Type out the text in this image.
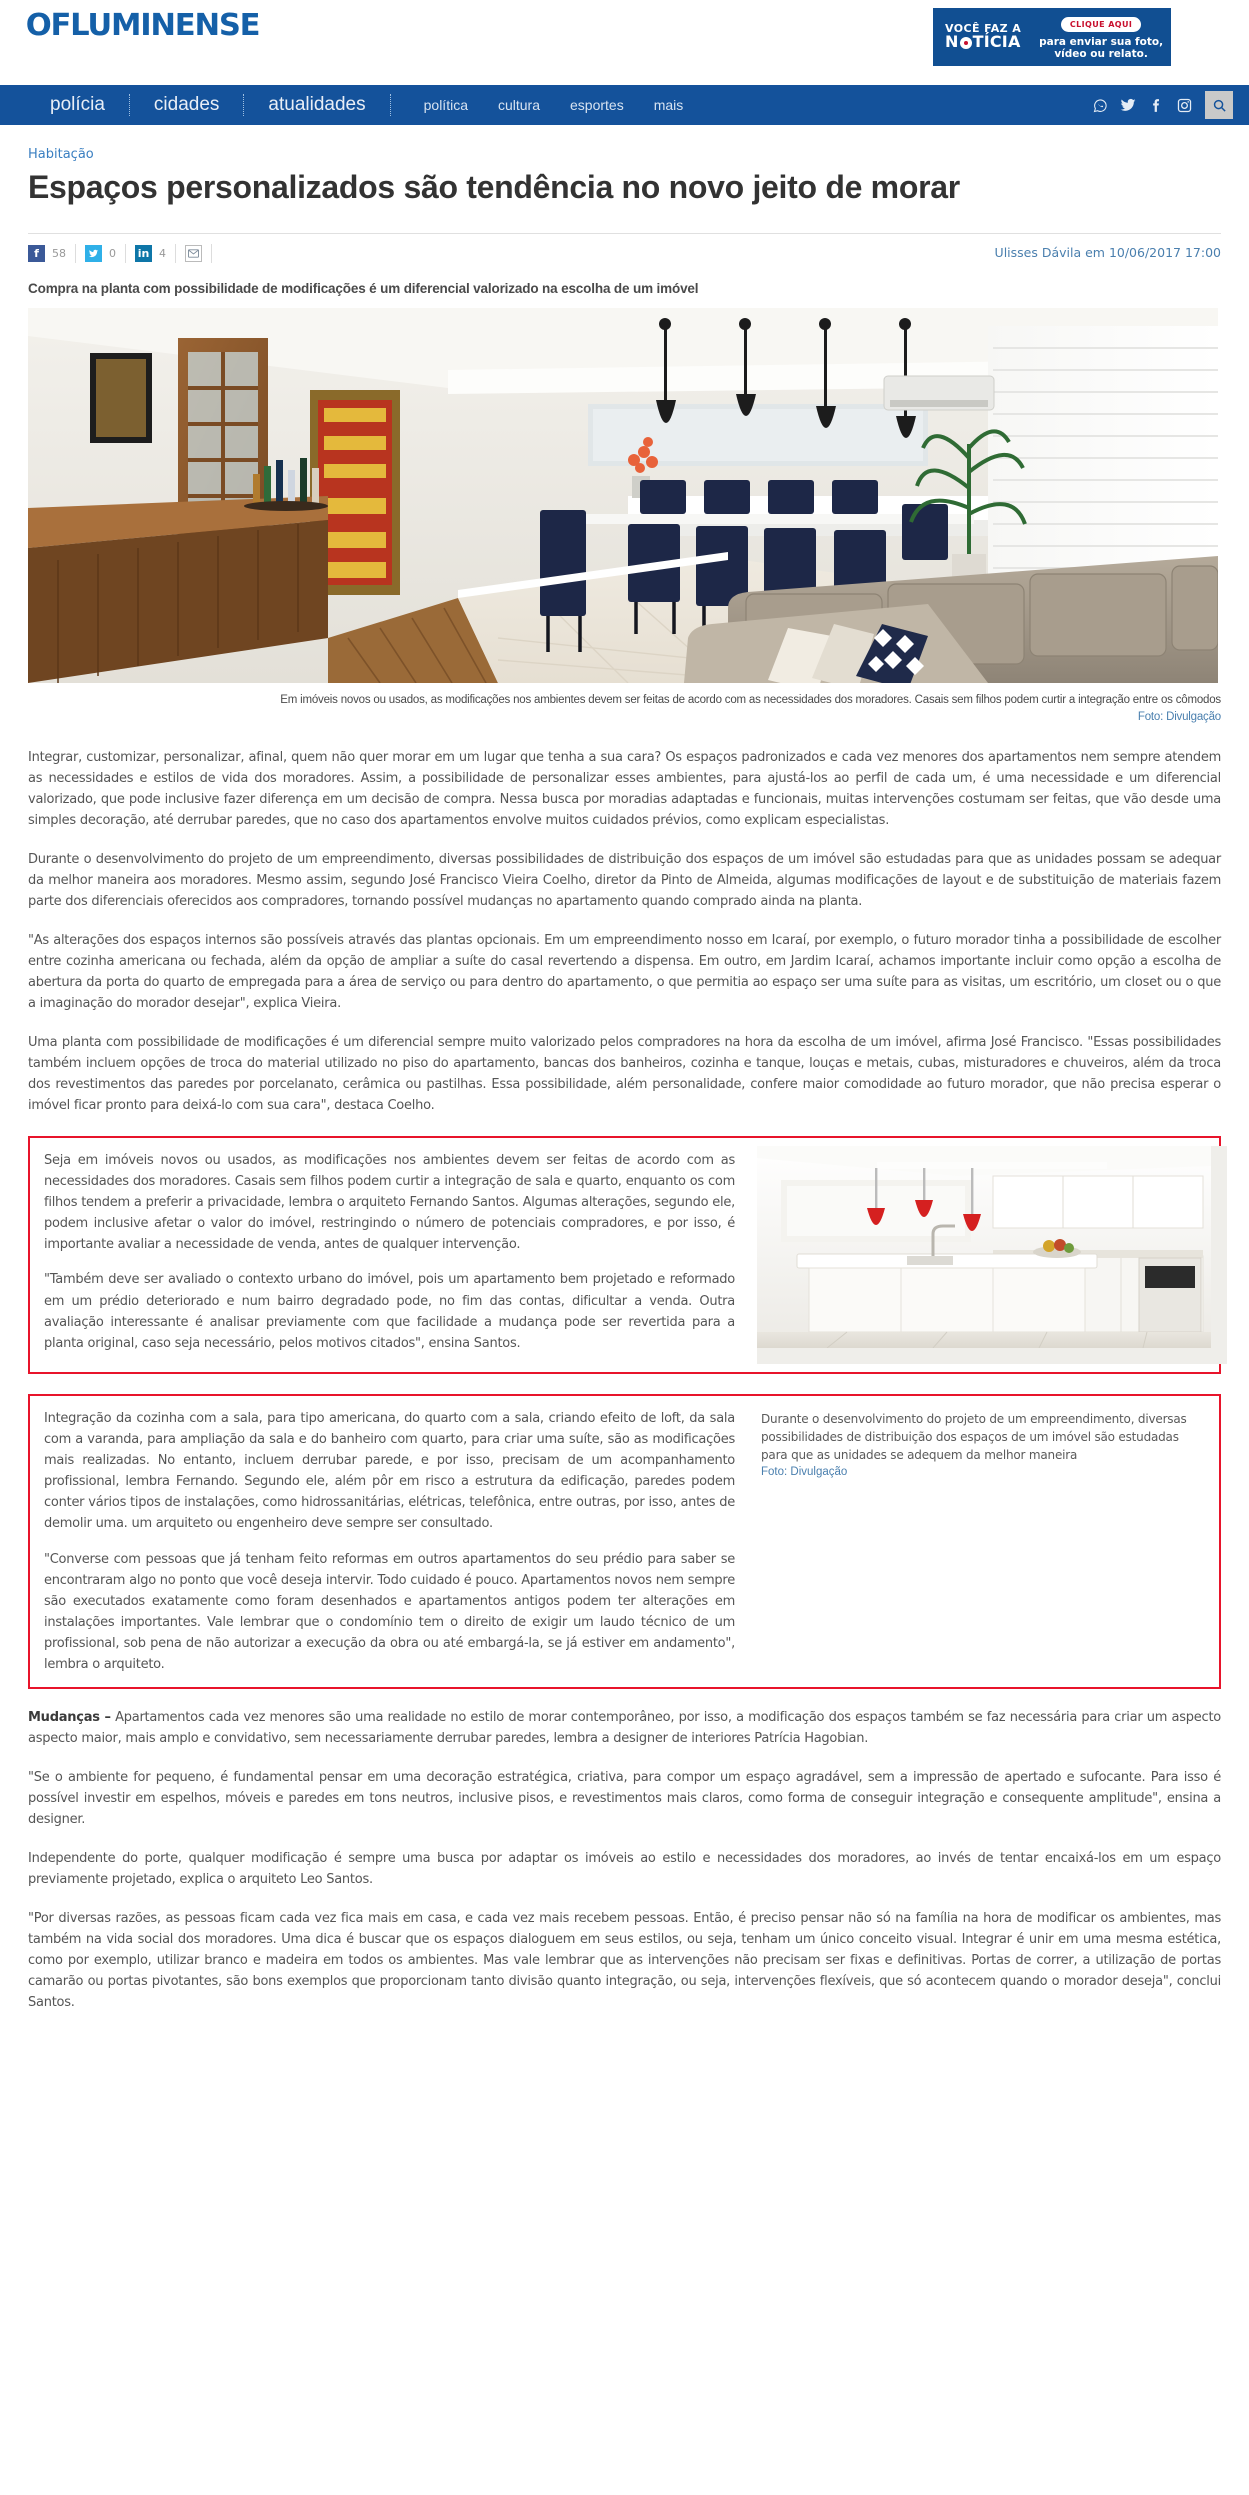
OFLUMINENSE	VOCÊ FAZ A
N TÍCIA
CLIQUE AQUI
para enviar sua foto,
vídeo ou relato.
polícia	cidades	atualidades	política	cultura	esportes	mais
Habitação
Espaços personalizados são tendência no novo jeito de morar
f	58	0 in 4	Ulisses Dávila em 10/06/2017 17:00
Compra na planta com possibilidade de modificações é um diferencial valorizado na escolha de um imóvel
Em imóveis novos ou usados, as modificações nos ambientes devem ser feitas de acordo com as necessidades dos moradores. Casais sem filhos podem curtir a integração entre os cômodos
Foto: Divulgação

Integrar, customizar, personalizar, afinal, quem não quer morar em um lugar que tenha a sua cara? Os espaços padronizados e cada vez menores dos apartamentos nem sempre atendem as necessidades e estilos de vida dos moradores. Assim, a possibilidade de personalizar esses ambientes, para ajustá-los ao perfil de cada um, é uma necessidade e um diferencial valorizado, que pode inclusive fazer diferença em um decisão de compra. Nessa busca por moradias adaptadas e funcionais, muitas intervenções costumam ser feitas, que vão desde uma simples decoração, até derrubar paredes, que no caso dos apartamentos envolve muitos cuidados prévios, como explicam especialistas.

Durante o desenvolvimento do projeto de um empreendimento, diversas possibilidades de distribuição dos espaços de um imóvel são estudadas para que as unidades possam se adequar da melhor maneira aos moradores. Mesmo assim, segundo José Francisco Vieira Coelho, diretor da Pinto de Almeida, algumas modificações de layout e de substituição de materiais fazem parte dos diferenciais oferecidos aos compradores, tornando possível mudanças no apartamento quando comprado ainda na planta.

"As alterações dos espaços internos são possíveis através das plantas opcionais. Em um empreendimento nosso em Icaraí, por exemplo, o futuro morador tinha a possibilidade de escolher entre cozinha americana ou fechada, além da opção de ampliar a suíte do casal revertendo a dispensa. Em outro, em Jardim Icaraí, achamos importante incluir como opção a escolha de abertura da porta do quarto de empregada para a área de serviço ou para dentro do apartamento, o que permitia ao espaço ser uma suíte para as visitas, um escritório, um closet ou o que a imaginação do morador desejar", explica Vieira.

Uma planta com possibilidade de modificações é um diferencial sempre muito valorizado pelos compradores na hora da escolha de um imóvel, afirma José Francisco. "Essas possibilidades também incluem opções de troca do material utilizado no piso do apartamento, bancas dos banheiros, cozinha e tanque, louças e metais, cubas, misturadores e chuveiros, além da troca dos revestimentos das paredes por porcelanato, cerâmica ou pastilhas. Essa possibilidade, além personalidade, confere maior comodidade ao futuro morador, que não precisa esperar o imóvel ficar pronto para deixá-lo com sua cara", destaca Coelho.

Seja em imóveis novos ou usados, as modificações nos ambientes devem ser feitas de acordo com as necessidades dos moradores. Casais sem filhos podem curtir a integração de sala e quarto, enquanto os com filhos tendem a preferir a privacidade, lembra o arquiteto Fernando Santos. Algumas alterações, segundo ele, podem inclusive afetar o valor do imóvel, restringindo o número de potenciais compradores, e por isso, é importante avaliar a necessidade de venda, antes de qualquer intervenção.

"Também deve ser avaliado o contexto urbano do imóvel, pois um apartamento bem projetado e reformado em um prédio deteriorado e num bairro degradado pode, no fim das contas, dificultar a venda. Outra avaliação interessante é analisar previamente com que facilidade a mudança pode ser revertida para a planta original, caso seja necessário, pelos motivos citados", ensina Santos.

Integração da cozinha com a sala, para tipo americana, do quarto com a sala, criando efeito de loft, da sala com a varanda, para ampliação da sala e do banheiro com quarto, para criar uma suíte, são as modificações mais realizadas. No entanto, incluem derrubar parede, e por isso, precisam de um acompanhamento profissional, lembra Fernando. Segundo ele, além pôr em risco a estrutura da edificação, paredes podem conter vários tipos de instalações, como hidrossanitárias, elétricas, telefônica, entre outras, por isso, antes de demolir uma. um arquiteto ou engenheiro deve sempre ser consultado.

"Converse com pessoas que já tenham feito reformas em outros apartamentos do seu prédio para saber se encontraram algo no ponto que você deseja intervir. Todo cuidado é pouco. Apartamentos novos nem sempre são executados exatamente como foram desenhados e apartamentos antigos podem ter alterações em instalações importantes. Vale lembrar que o condomínio tem o direito de exigir um laudo técnico de um profissional, sob pena de não autorizar a execução da obra ou até embargá-la, se já estiver em andamento", lembra o arquiteto.

Durante o desenvolvimento do projeto de um empreendimento, diversas possibilidades de distribuição dos espaços de um imóvel são estudadas para que as unidades se adequem da melhor maneira
Foto: Divulgação

Mudanças – Apartamentos cada vez menores são uma realidade no estilo de morar contemporâneo, por isso, a modificação dos espaços também se faz necessária para criar um aspecto aspecto maior, mais amplo e convidativo, sem necessariamente derrubar paredes, lembra a designer de interiores Patrícia Hagobian.

"Se o ambiente for pequeno, é fundamental pensar em uma decoração estratégica, criativa, para compor um espaço agradável, sem a impressão de apertado e sufocante. Para isso é possível investir em espelhos, móveis e paredes em tons neutros, inclusive pisos, e revestimentos mais claros, como forma de conseguir integração e consequente amplitude", ensina a designer.

Independente do porte, qualquer modificação é sempre uma busca por adaptar os imóveis ao estilo e necessidades dos moradores, ao invés de tentar encaixá-los em um espaço previamente projetado, explica o arquiteto Leo Santos.

"Por diversas razões, as pessoas ficam cada vez fica mais em casa, e cada vez mais recebem pessoas. Então, é preciso pensar não só na família na hora de modificar os ambientes, mas também na vida social dos moradores. Uma dica é buscar que os espaços dialoguem em seus estilos, ou seja, tenham um único conceito visual. Integrar é unir em uma mesma estética, como por exemplo, utilizar branco e madeira em todos os ambientes. Mas vale lembrar que as intervenções não precisam ser fixas e definitivas. Portas de correr, a utilização de portas camarão ou portas pivotantes, são bons exemplos que proporcionam tanto divisão quanto integração, ou seja, intervenções flexíveis, que só acontecem quando o morador deseja", conclui Santos.
